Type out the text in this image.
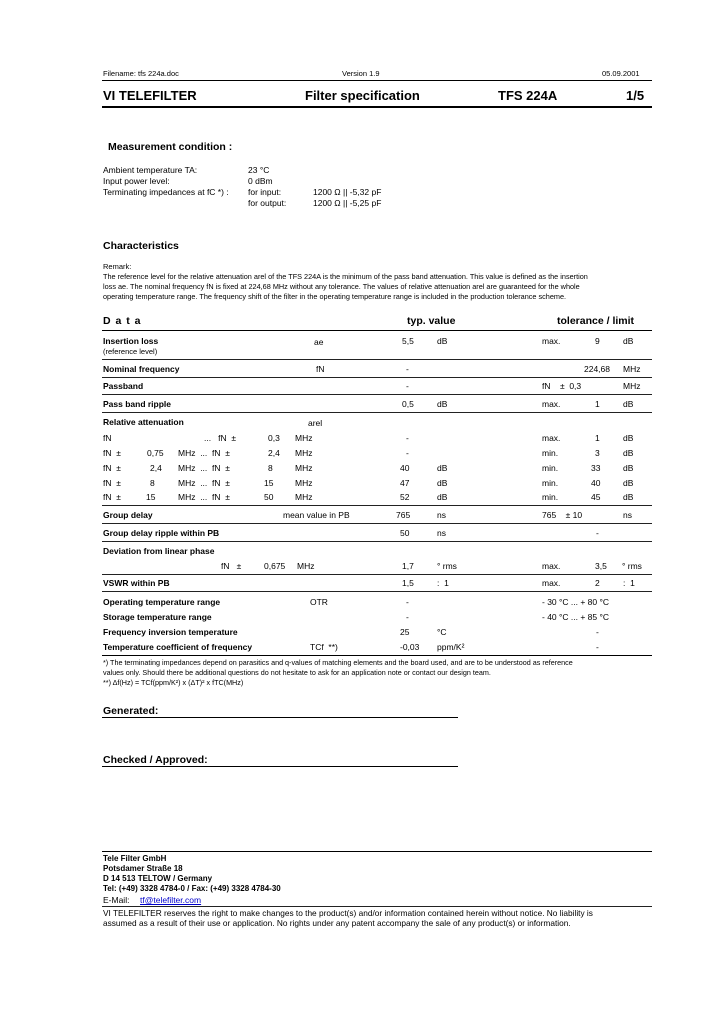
Filename: tfs 224a.doc	Version 1.9	05.09.2001
VI TELEFILTER	Filter specification	TFS 224A	1/5
Measurement condition :
Ambient temperature TA:	23 °C
Input power level:	0 dBm
Terminating impedances at fC *) : for input:	1200 Ω || -5,32 pF
for output:	1200 Ω || -5,25 pF
Characteristics
Remark:
The reference level for the relative attenuation arel of the TFS 224A is the minimum of the pass band attenuation. This value is defined as the insertion
loss ae. The nominal frequency fN is fixed at 224,68 MHz without any tolerance. The values of relative attenuation arel are guaranteed for the whole
operating temperature range. The frequency shift of the filter in the operating temperature range is included in the production tolerance scheme.
D a t a	typ. value	tolerance / limit
Insertion loss
(reference level)
ae	5,5	dB	max.	9	dB
Nominal frequency	fN	-	224,68 MHz
Passband	-	fN    ±  0,3	MHz
Pass band ripple	0,5	dB	max.	1	dB
Relative attenuation	arel
fN	...   fN  ±	0,3 MHz	-	max.	1	dB
fN  ±	0,75 MHz  ...  fN  ±	2,4 MHz	-	min.	3	dB
fN  ±	2,4 MHz  ...  fN  ±	8	MHz	40	dB	min.	33	dB
fN  ±	8	MHz  ...  fN  ±	15	MHz	47	dB	min.	40	dB
fN  ±	15	MHz  ...  fN  ±	50	MHz	52	dB	min.	45	dB
Group delay	mean value in PB	765	ns	765    ± 10	ns
Group delay ripple within PB	50	ns	-
Deviation from linear phase
fN   ±	0,675 MHz	1,7	° rms	max.	3,5 ° rms
VSWR within PB	1,5	:  1	max.	2	:  1
Operating temperature range	OTR	-	- 30 °C ... + 80 °C
Storage temperature range	-	- 40 °C ... + 85 °C
Frequency inversion temperature	25	°C	-
Temperature coefficient of frequency	TCf  **)	-0,03 ppm/K²	-
*) The terminating impedances depend on parasitics and q-values of matching elements and the board used, and are to be understood as reference
values only. Should there be additional questions do not hesitate to ask for an application note or contact our design team.
**) Δf(Hz) = TCf(ppm/K²) x (ΔT)² x fTC(MHz)
Generated:
Checked / Approved:
Tele Filter GmbH
Potsdamer Straße 18
D 14 513 TELTOW / Germany
Tel: (+49) 3328 4784-0 / Fax: (+49) 3328 4784-30
E-Mail: tf@telefilter.com
VI TELEFILTER reserves the right to make changes to the product(s) and/or information contained herein without notice. No liability is
assumed as a result of their use or application. No rights under any patent accompany the sale of any product(s) or information.
